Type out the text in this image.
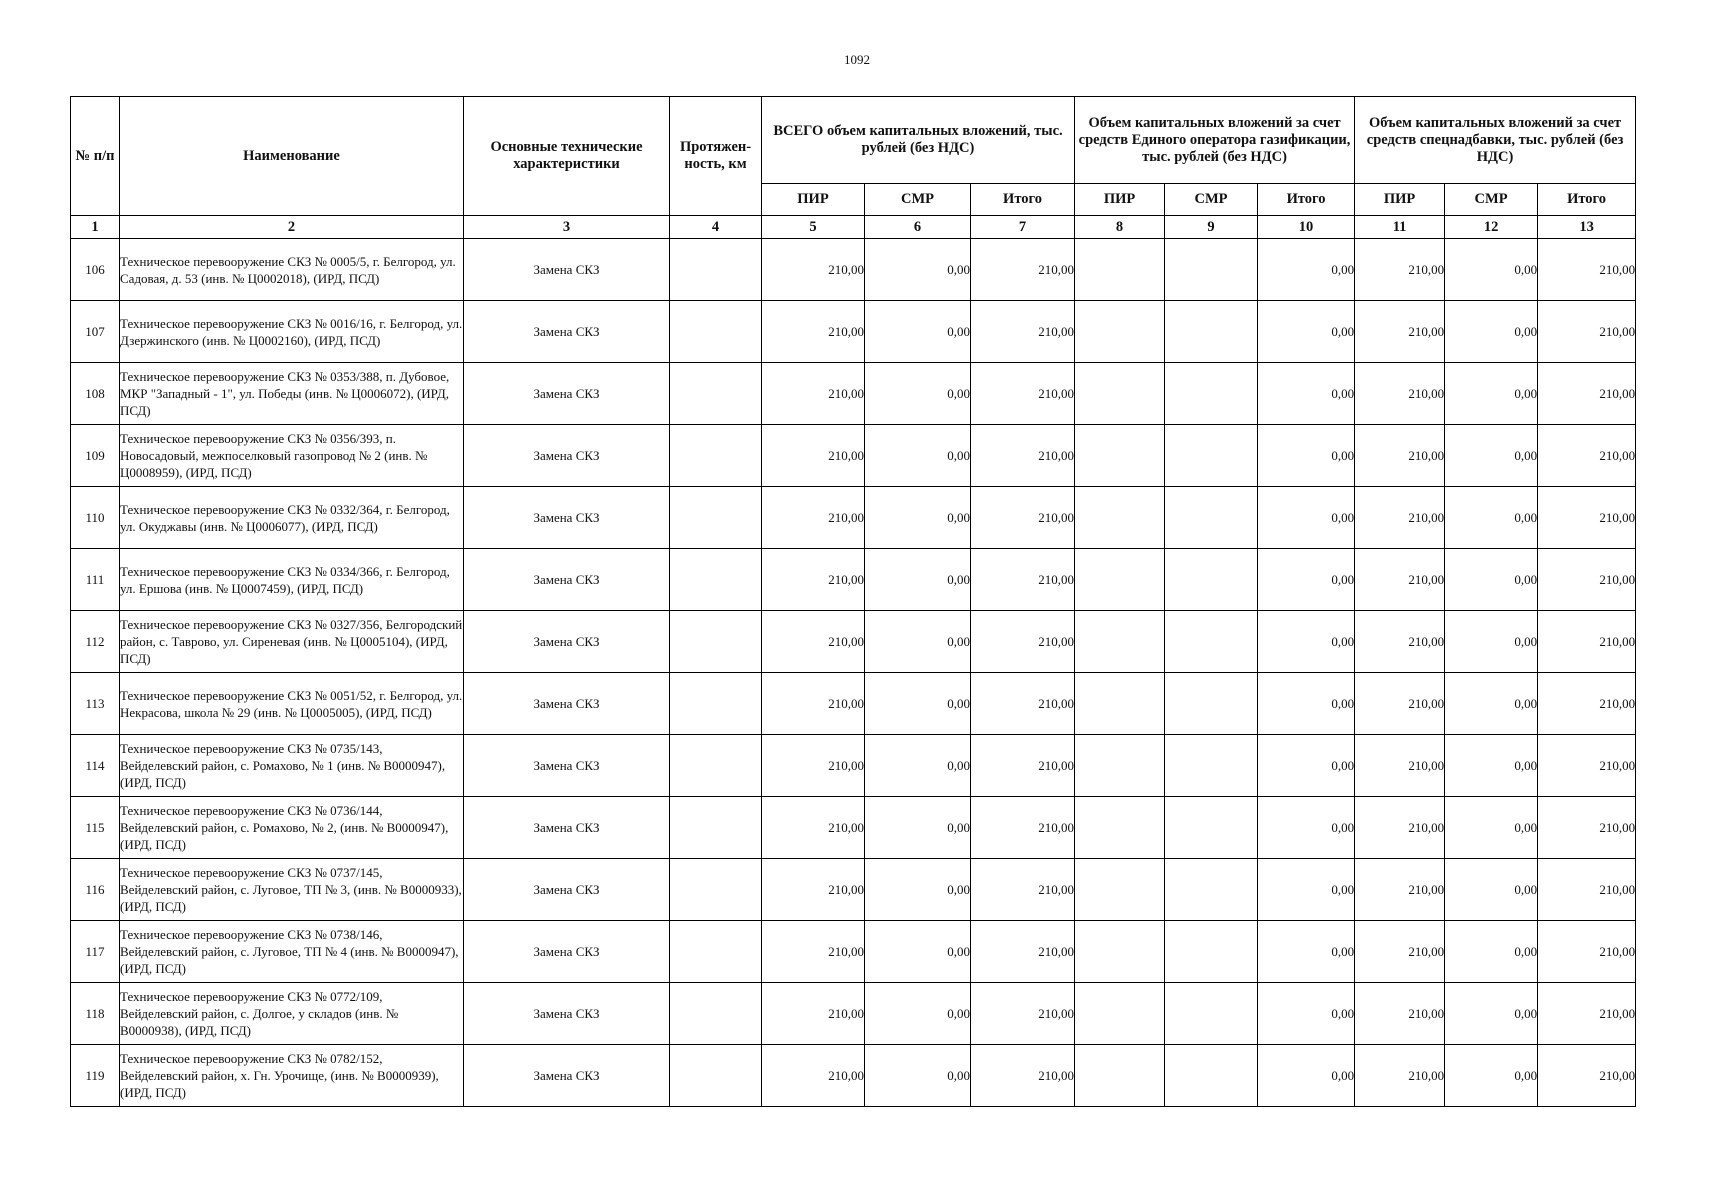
1092
№ п/п	Наименование	Основные технические характеристики	Протяжен-ность, км	ВСЕГО объем капитальных вложений, тыс. рублей (без НДС)			Объем капитальных вложений за счет средств Единого оператора газификации, тыс. рублей (без НДС)			Объем капитальных вложений за счет средств спецнадбавки, тыс. рублей (без НДС)		
				ПИР	СМР	Итого	ПИР	СМР	Итого	ПИР	СМР	Итого
1	2	3	4	5	6	7	8	9	10	11	12	13
106	Техническое перевооружение СКЗ № 0005/5, г. Белгород, ул. Садовая, д. 53 (инв. № Ц0002018), (ИРД, ПСД)	Замена СКЗ		210,00	0,00	210,00			0,00	210,00	0,00	210,00
107	Техническое перевооружение СКЗ № 0016/16, г. Белгород, ул. Дзержинского (инв. № Ц0002160), (ИРД, ПСД)	Замена СКЗ		210,00	0,00	210,00			0,00	210,00	0,00	210,00
108	Техническое перевооружение СКЗ № 0353/388, п. Дубовое, МКР "Западный - 1", ул. Победы (инв. № Ц0006072), (ИРД, ПСД)	Замена СКЗ		210,00	0,00	210,00			0,00	210,00	0,00	210,00
109	Техническое перевооружение СКЗ № 0356/393, п. Новосадовый, межпоселковый газопровод № 2 (инв. № Ц0008959), (ИРД, ПСД)	Замена СКЗ		210,00	0,00	210,00			0,00	210,00	0,00	210,00
110	Техническое перевооружение СКЗ № 0332/364, г. Белгород, ул. Окуджавы (инв. № Ц0006077), (ИРД, ПСД)	Замена СКЗ		210,00	0,00	210,00			0,00	210,00	0,00	210,00
111	Техническое перевооружение СКЗ № 0334/366, г. Белгород, ул. Ершова (инв. № Ц0007459), (ИРД, ПСД)	Замена СКЗ		210,00	0,00	210,00			0,00	210,00	0,00	210,00
112	Техническое перевооружение СКЗ № 0327/356, Белгородский район, с. Таврово, ул. Сиреневая (инв. № Ц0005104), (ИРД, ПСД)	Замена СКЗ		210,00	0,00	210,00			0,00	210,00	0,00	210,00
113	Техническое перевооружение СКЗ № 0051/52, г. Белгород, ул. Некрасова, школа № 29 (инв. № Ц0005005), (ИРД, ПСД)	Замена СКЗ		210,00	0,00	210,00			0,00	210,00	0,00	210,00
114	Техническое перевооружение СКЗ № 0735/143, Вейделевский район, с. Ромахово, № 1 (инв. № В0000947), (ИРД, ПСД)	Замена СКЗ		210,00	0,00	210,00			0,00	210,00	0,00	210,00
115	Техническое перевооружение СКЗ № 0736/144, Вейделевский район, с. Ромахово, № 2, (инв. № В0000947), (ИРД, ПСД)	Замена СКЗ		210,00	0,00	210,00			0,00	210,00	0,00	210,00
116	Техническое перевооружение СКЗ № 0737/145, Вейделевский район, с. Луговое, ТП № 3, (инв. № В0000933), (ИРД, ПСД)	Замена СКЗ		210,00	0,00	210,00			0,00	210,00	0,00	210,00
117	Техническое перевооружение СКЗ № 0738/146, Вейделевский район, с. Луговое, ТП № 4 (инв. № В0000947), (ИРД, ПСД)	Замена СКЗ		210,00	0,00	210,00			0,00	210,00	0,00	210,00
118	Техническое перевооружение СКЗ № 0772/109, Вейделевский район, с. Долгое, у складов (инв. № В0000938), (ИРД, ПСД)	Замена СКЗ		210,00	0,00	210,00			0,00	210,00	0,00	210,00
119	Техническое перевооружение СКЗ № 0782/152, Вейделевский район, х. Гн. Урочище, (инв. № В0000939), (ИРД, ПСД)	Замена СКЗ		210,00	0,00	210,00			0,00	210,00	0,00	210,00
